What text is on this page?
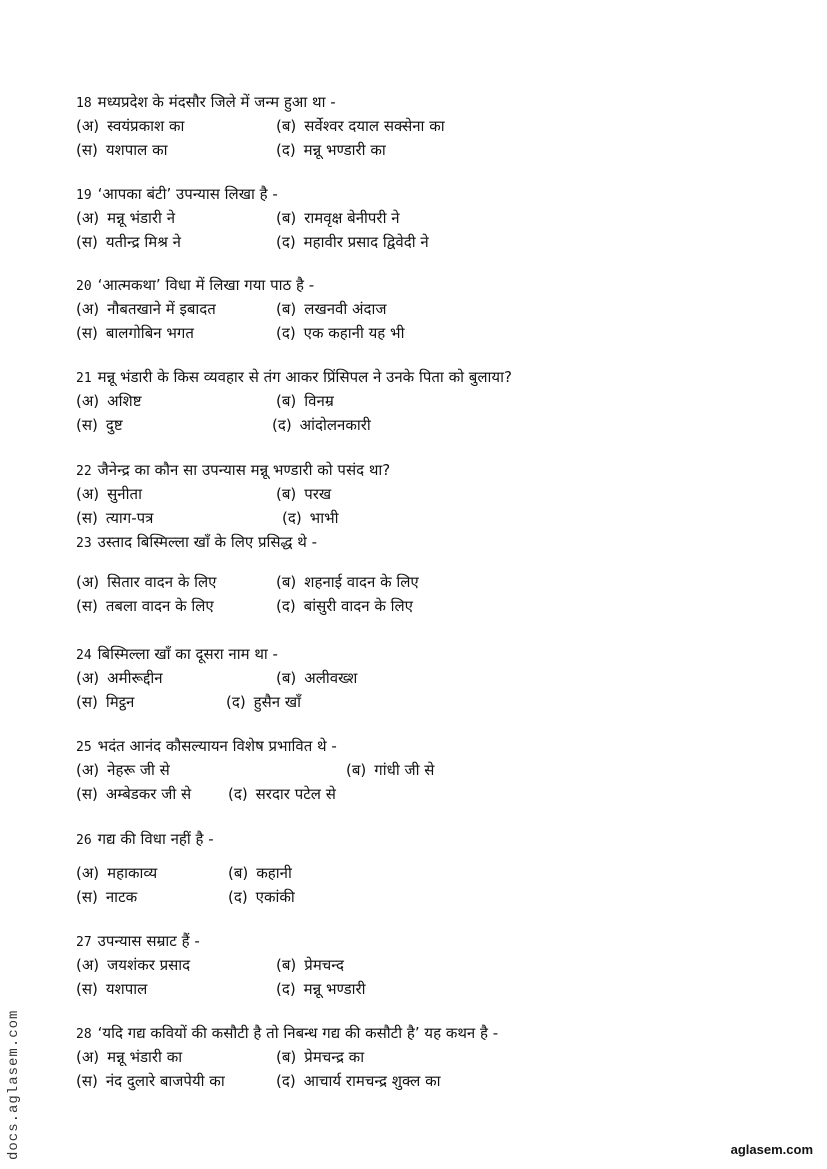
18 मध्यप्रदेश के मंदसौर जिले में जन्म हुआ था -
(अ) स्वयंप्रकाश का	(ब) सर्वेश्वर दयाल सक्सेना का
(स) यशपाल का	(द) मन्नू भण्डारी का
19 ‘आपका बंटी’ उपन्यास लिखा है -
(अ) मन्नू भंडारी ने	(ब) रामवृक्ष बेनीपरी ने
(स) यतीन्द्र मिश्र ने	(द) महावीर प्रसाद द्विवेदी ने
20 ‘आत्मकथा’ विधा में लिखा गया पाठ है -
(अ) नौबतखाने में इबादत	(ब) लखनवी अंदाज
(स) बालगोबिन भगत	(द) एक कहानी यह भी
21 मन्नू भंडारी के किस व्यवहार से तंग आकर प्रिंसिपल ने उनके पिता को बुलाया?
(अ) अशिष्ट	(ब) विनम्र
(स) दुष्ट	(द) आंदोलनकारी
22 जैनेन्द्र का कौन सा उपन्यास मन्नू भण्डारी को पसंद था?
(अ) सुनीता	(ब) परख
(स) त्याग-पत्र	(द) भाभी
23 उस्ताद बिस्मिल्ला खाँ के लिए प्रसिद्ध थे -
(अ) सितार वादन के लिए	(ब) शहनाई वादन के लिए
(स) तबला वादन के लिए	(द) बांसुरी वादन के लिए
24 बिस्मिल्ला खाँ का दूसरा नाम था -
(अ) अमीरूद्दीन	(ब) अलीवख्श
(स) मिट्ठन	(द) हुसैन खाँ
25 भदंत आनंद कौसल्यायन विशेष प्रभावित थे -
(अ) नेहरू जी से	(ब) गांधी जी से
(स) अम्बेडकर जी से (द) सरदार पटेल से
26 गद्य की विधा नहीं है -
(अ) महाकाव्य	(ब) कहानी
(स) नाटक	(द) एकांकी
27 उपन्यास सम्राट हैं -
(अ) जयशंकर प्रसाद	(ब) प्रेमचन्द
(स) यशपाल	(द) मन्नू भण्डारी
28 ‘यदि गद्य कवियों की कसौटी है तो निबन्ध गद्य की कसौटी है’ यह कथन है -
(अ) मन्नू भंडारी का	(ब) प्रेमचन्द्र का
(स) नंद दुलारे बाजपेयी का	(द) आचार्य रामचन्द्र शुक्ल का
docs.aglasem.com	aglasem.com
